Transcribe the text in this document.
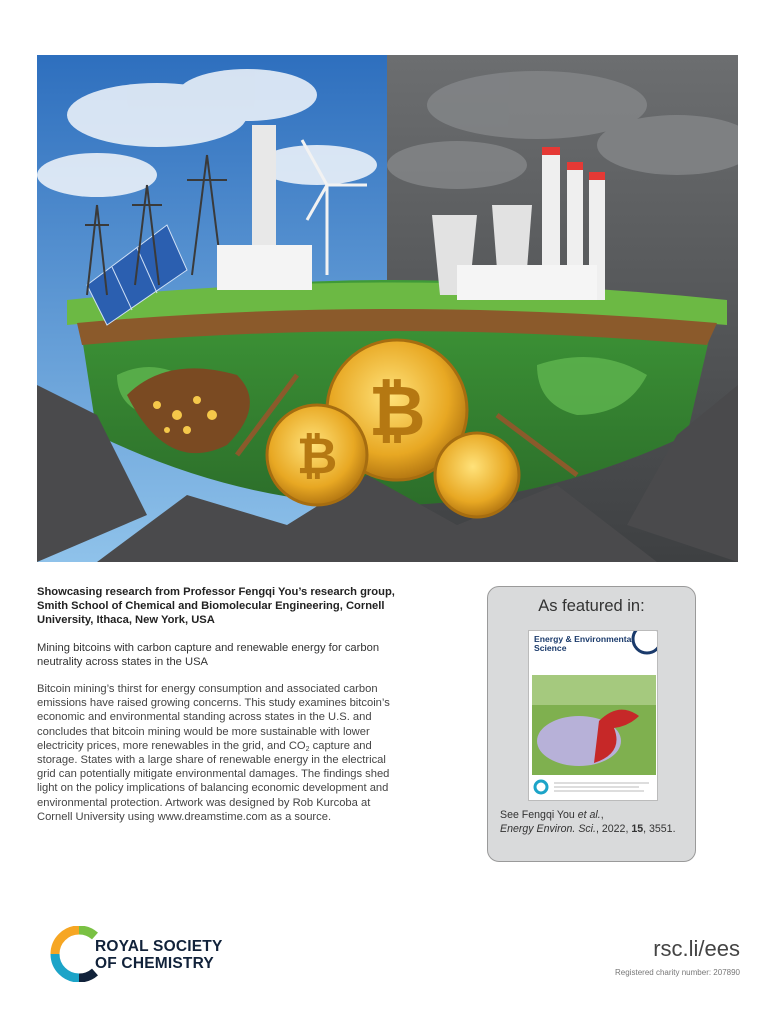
₿
₿

Showcasing research from Professor Fengqi You’s research group, Smith School of Chemical and Biomolecular Engineering, Cornell University, Ithaca, New York, USA

Mining bitcoins with carbon capture and renewable energy for carbon neutrality across states in the USA

Bitcoin mining’s thirst for energy consumption and associated carbon emissions have raised growing concerns. This study examines bitcoin’s economic and environmental standing across states in the U.S. and concludes that bitcoin mining would be more sustainable with lower electricity prices, more renewables in the grid, and $CO_2$ capture and storage. States with a large share of renewable energy in the electrical grid can potentially mitigate environmental damages. The findings shed light on the policy implications of balancing economic development and environmental protection. Artwork was designed by Rob Kurcoba at Cornell University using www.dreamstime.com as a source.

As featured in:
Energy & Environmental Science
See Fengqi You et al.,
Energy Environ. Sci., 2022, 15, 3551.
ROYAL SOCIETY
OF CHEMISTRY
rsc.li/ees
Registered charity number: 207890
